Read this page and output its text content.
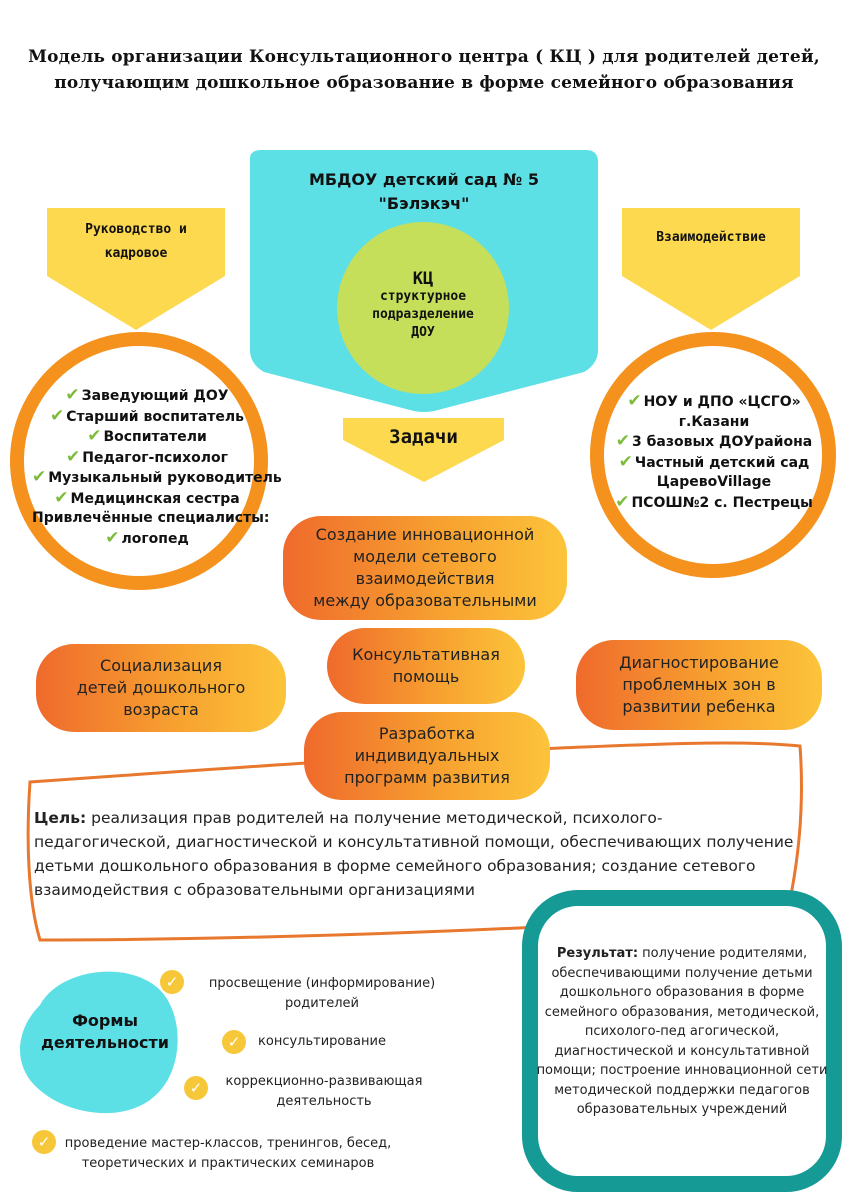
Модель организации Консультационного центра ( КЦ ) для родителей детей,
получающим дошкольное образование в форме семейного образования
МБДОУ детский сад № 5
"Бэлэкэч"
КЦ
структурное
подразделение
ДОУ
Задачи
Руководство и
кадровое
Взаимодействие
✔ Заведующий ДОУ
✔ Старший воспитатель
✔ Воспитатели
✔ Педагог-психолог
✔ Музыкальный руководитель
✔ Медицинская сестра
Привлечённые специалисты:
✔ логопед
✔ НОУ и ДПО «ЦСГО»
г.Казани
✔ 3 базовых ДОУрайона
✔ Частный детский сад
ЦаревоVillage
✔ ПСОШ№2 с. Пестрецы
Создание инновационной
модели сетевого взаимодействия
между образовательными
Консультативная
помощь
Социализация
детей дошкольного
возраста
Диагностирование
проблемных зон в
развитии ребенка
Разработка
индивидуальных
программ развития
Цель: реализация прав родителей на получение методической, психолого-педагогической, диагностической и консультативной помощи, обеспечивающих получение детьми дошкольного образования в форме семейного образования; создание сетевого взаимодействия с образовательными организациями
Результат: получение родителями, обеспечивающими получение детьми дошкольного образования в форме семейного образования, методической, психолого-пед агогической, диагностической и консультативной помощи; построение инновационной сети методической поддержки педагогов образовательных учреждений
Формы
деятельности
✓	просвещение (информирование)
родителей
✓	консультирование
✓	коррекционно-развивающая
деятельность
✓	проведение мастер-классов, тренингов, бесед,
теоретических и практических семинаров
